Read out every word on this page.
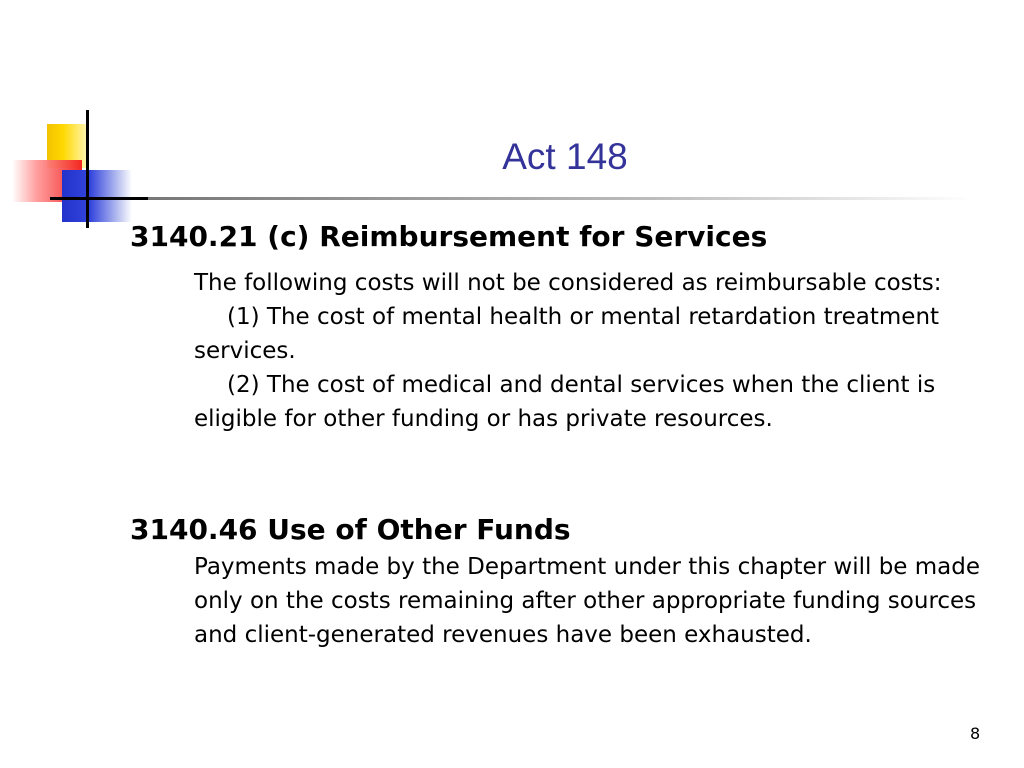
Act 148
3140.21 (c) Reimbursement for Services

The following costs will not be considered as reimbursable costs:

(1) The cost of mental health or mental retardation treatment services.

(2) The cost of medical and dental services when the client is eligible for other funding or has private resources.

3140.46 Use of Other Funds

Payments made by the Department under this chapter will be made only on the costs remaining after other appropriate funding sources and client-generated revenues have been exhausted.

8
